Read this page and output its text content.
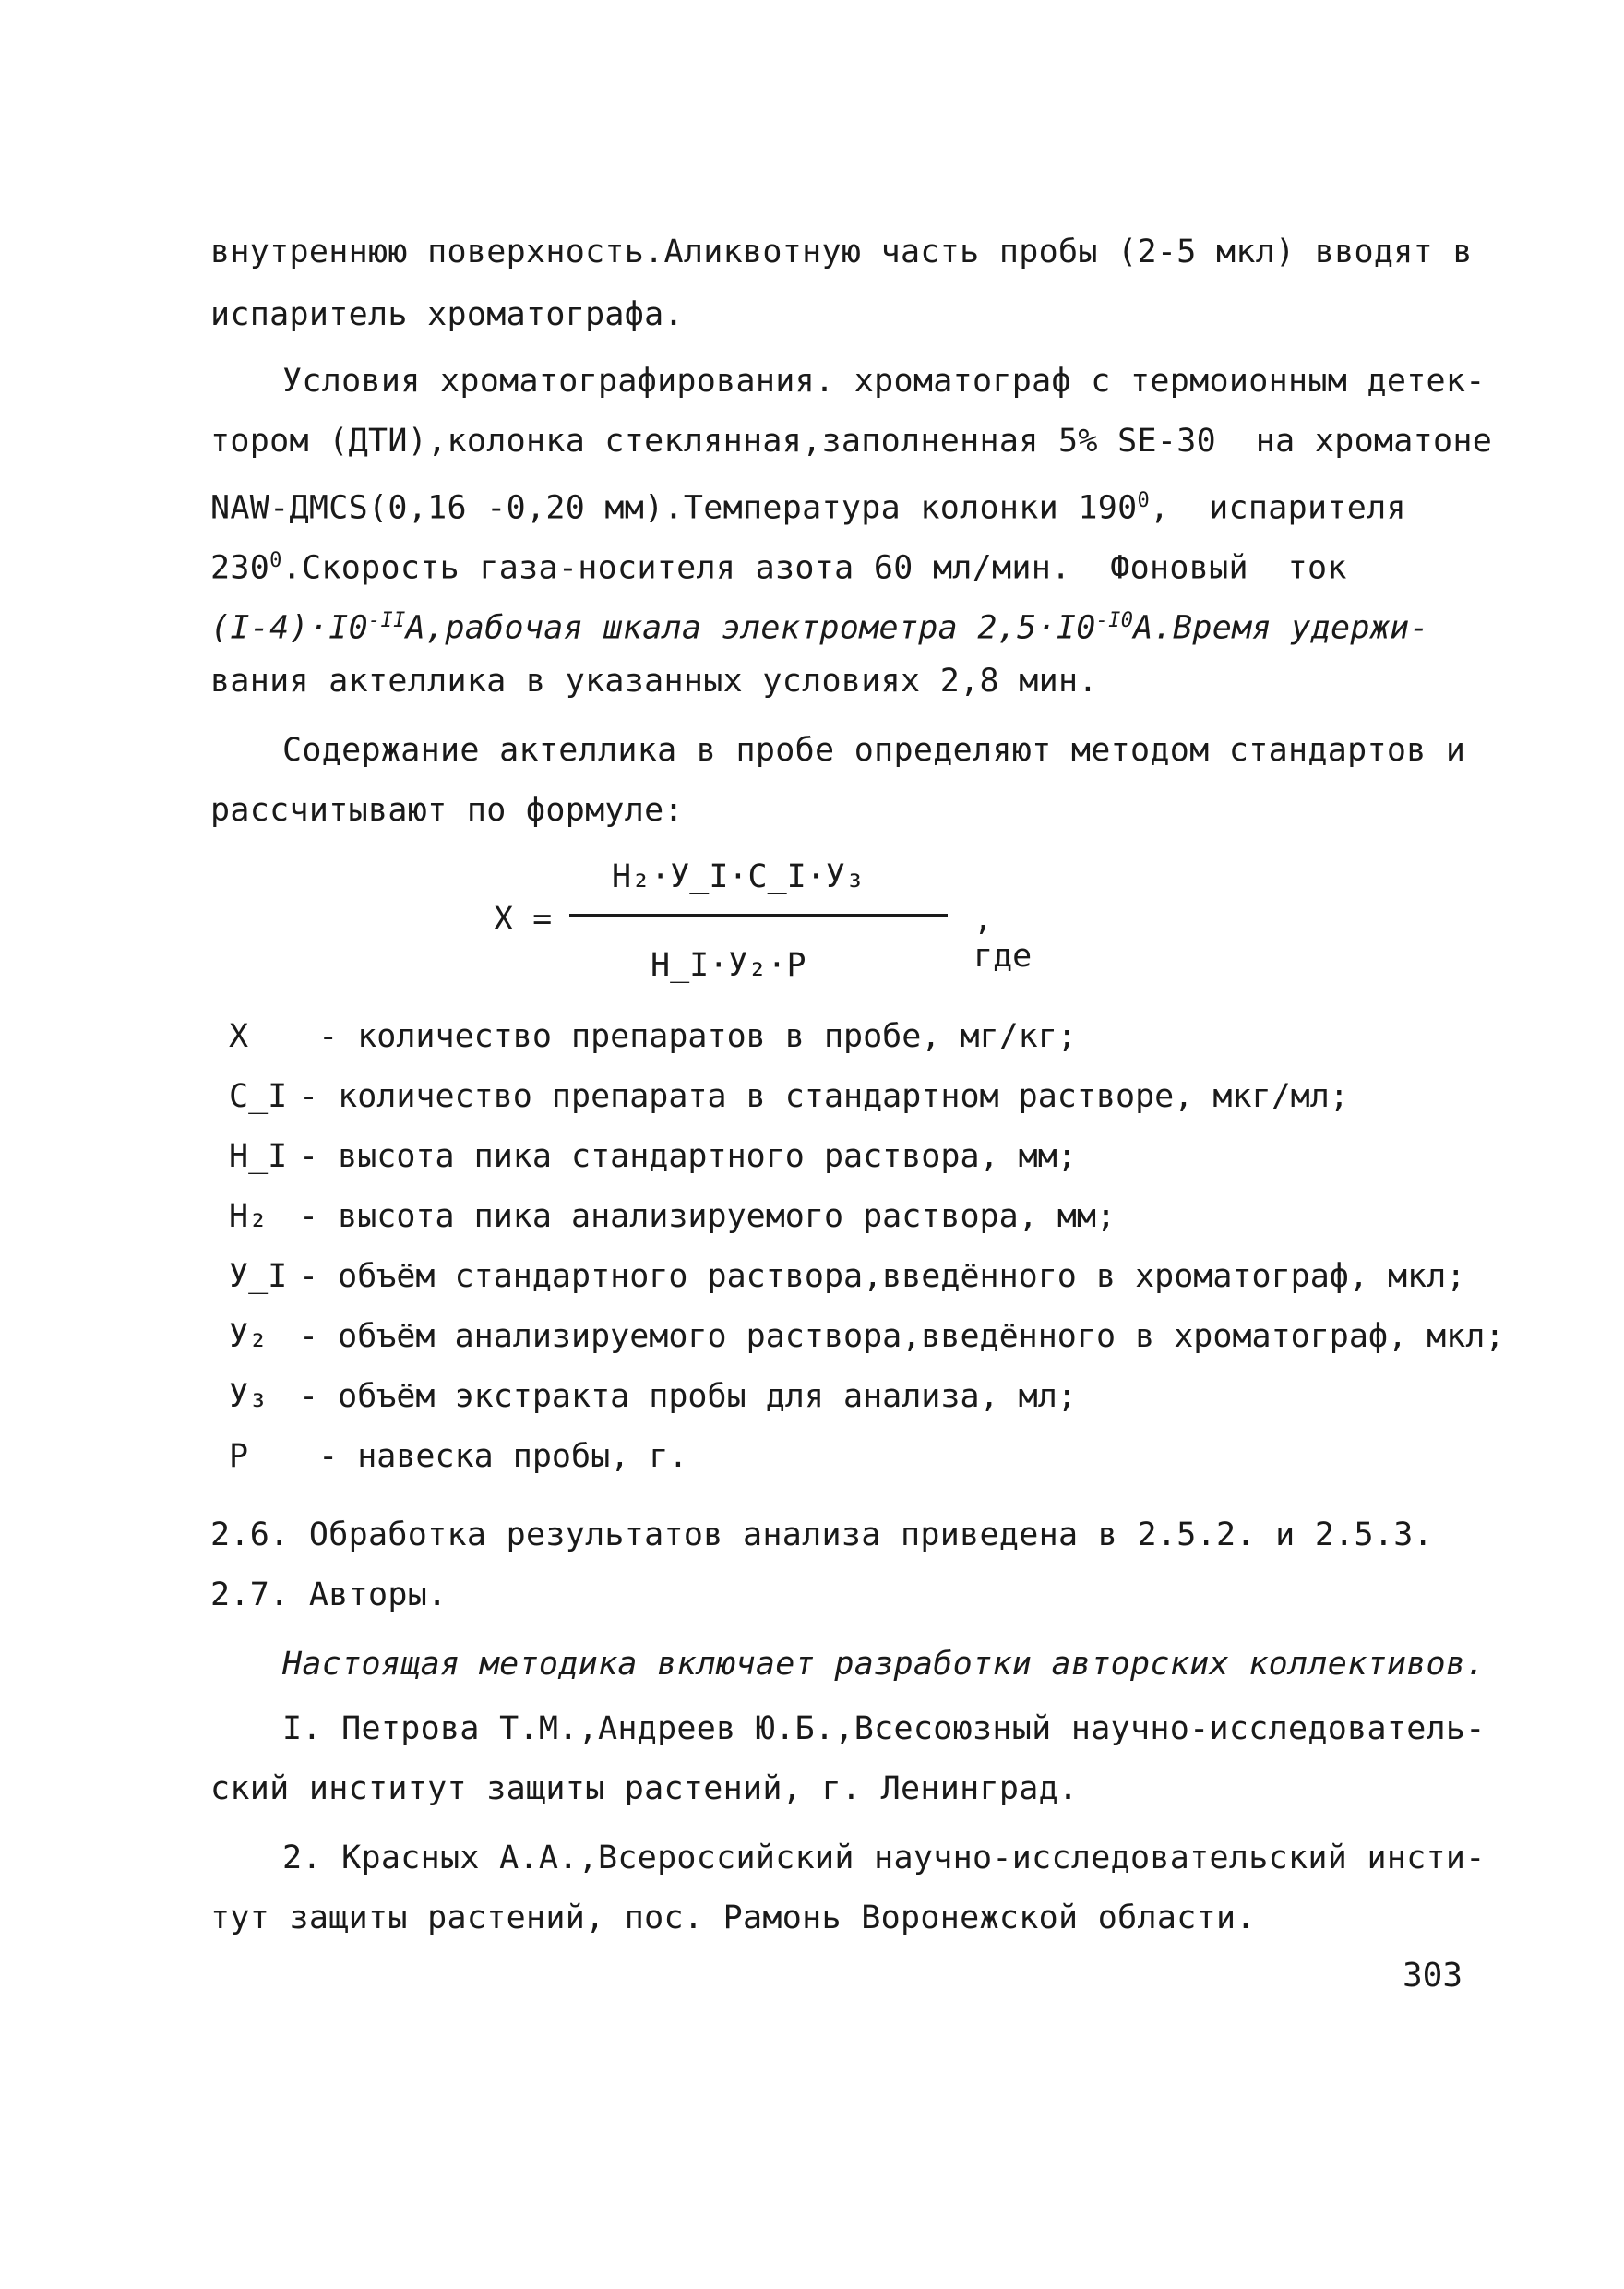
внутреннюю поверхность.Аликвотную часть пробы (2-5 мкл) вводят в
испаритель хроматографа.
Условия хроматографирования. хроматограф с термоионным детек-
тором (ДТИ),колонка стеклянная,заполненная 5% SE-30  на хроматоне
NAW-ДМСS(0,16 -0,20 мм).Температура колонки $190^0$,  испарителя
$230^0.Скорость$ газа-носителя азота 60 мл/мин.  Фоновый  ток
$(I-4)\cdot I0^{-II}А,рабочая$ шкала электрометра $2,5\cdot I0^{-I0}А.Время$ удержи-
вания актеллика в указанных условиях 2,8 мин.
Содержание актеллика в пробе определяют методом стандартов и
рассчитывают по формуле:
X =
H₂·У_I·C_I·У₃
H_I·У₂·P
, где
X - количество препаратов в пробе, мг/кг;
C_I - количество препарата в стандартном растворе, мкг/мл;
H_I - высота пика стандартного раствора, мм;
H₂ - высота пика анализируемого раствора, мм;
У_I - объём стандартного раствора,введённого в хроматограф, мкл;
У₂ - объём анализируемого раствора,введённого в хроматограф, мкл;
У₃ - объём экстракта пробы для анализа, мл;
P - навеска пробы, г.
2.6. Обработка результатов анализа приведена в 2.5.2. и 2.5.3.
2.7. Авторы.
Настоящая методика включает разработки авторских коллективов.
I. Петрова Т.М.,Андреев Ю.Б.,Всесоюзный научно-исследователь-
ский институт защиты растений, г. Ленинград.
2. Красных А.А.,Всероссийский научно-исследовательский инсти-
тут защиты растений, пос. Рамонь Воронежской области.
303
